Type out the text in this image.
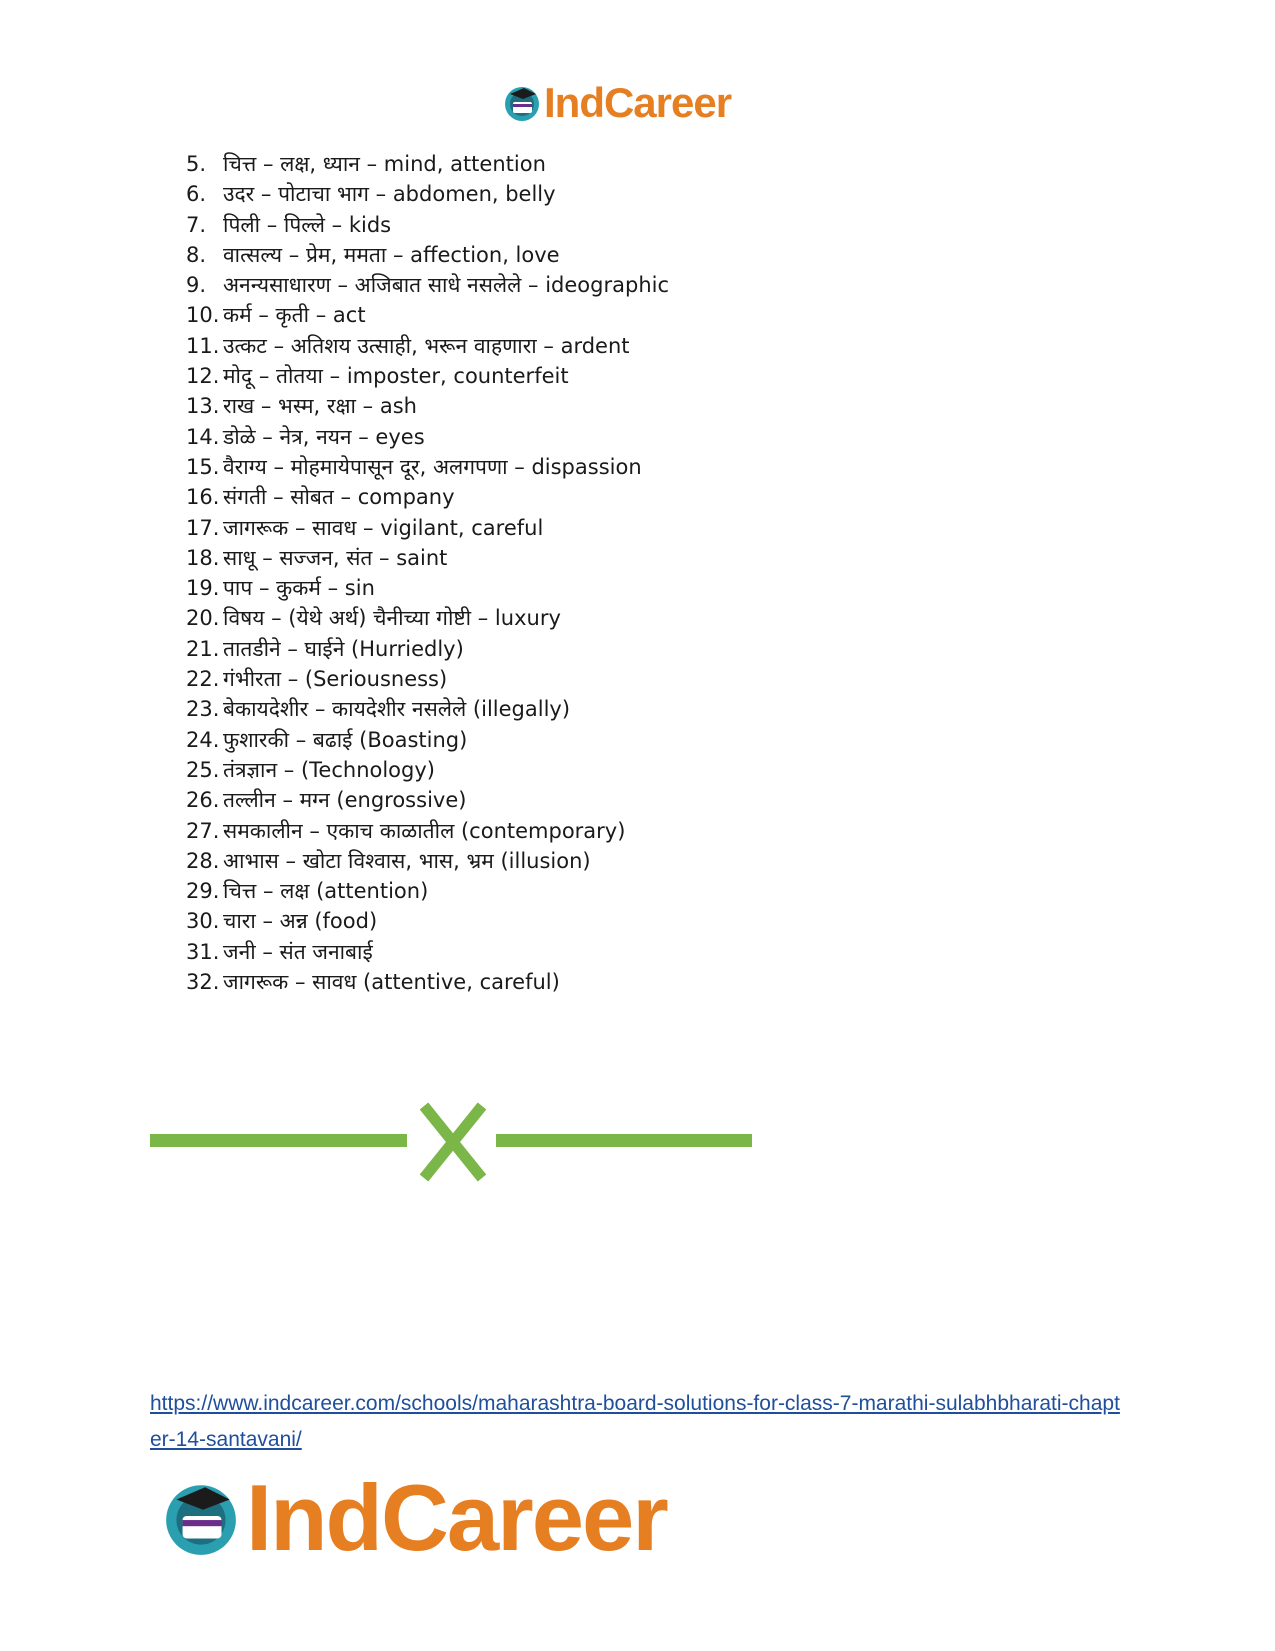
IndCareer
5. चित्त – लक्ष, ध्यान – mind, attention
6. उदर – पोटाचा भाग – abdomen, belly
7. पिली – पिल्ले – kids
8. वात्सल्य – प्रेम, ममता – affection, love
9. अनन्यसाधारण – अजिबात साधे नसलेले – ideographic
10. कर्म – कृती – act
11. उत्कट – अतिशय उत्साही, भरून वाहणारा – ardent
12. मोदू – तोतया – imposter, counterfeit
13. राख – भस्म, रक्षा – ash
14. डोळे – नेत्र, नयन – eyes
15. वैराग्य – मोहमायेपासून दूर, अलगपणा – dispassion
16. संगती – सोबत – company
17. जागरूक – सावध – vigilant, careful
18. साधू – सज्जन, संत – saint
19. पाप – कुकर्म – sin
20. विषय – (येथे अर्थ) चैनीच्या गोष्टी – luxury
21. तातडीने – घाईने (Hurriedly)
22. गंभीरता – (Seriousness)
23. बेकायदेशीर – कायदेशीर नसलेले (illegally)
24. फुशारकी – बढाई (Boasting)
25. तंत्रज्ञान – (Technology)
26. तल्लीन – मग्न (engrossive)
27. समकालीन – एकाच काळातील (contemporary)
28. आभास – खोटा विश्वास, भास, भ्रम (illusion)
29. चित्त – लक्ष (attention)
30. चारा – अन्न (food)
31. जनी – संत जनाबाई
32. जागरूक – सावध (attentive, careful)
https://www.indcareer.com/schools/maharashtra-board-solutions-for-class-7-marathi-sulabhbharati-chapter-14-santavani/
IndCareer
